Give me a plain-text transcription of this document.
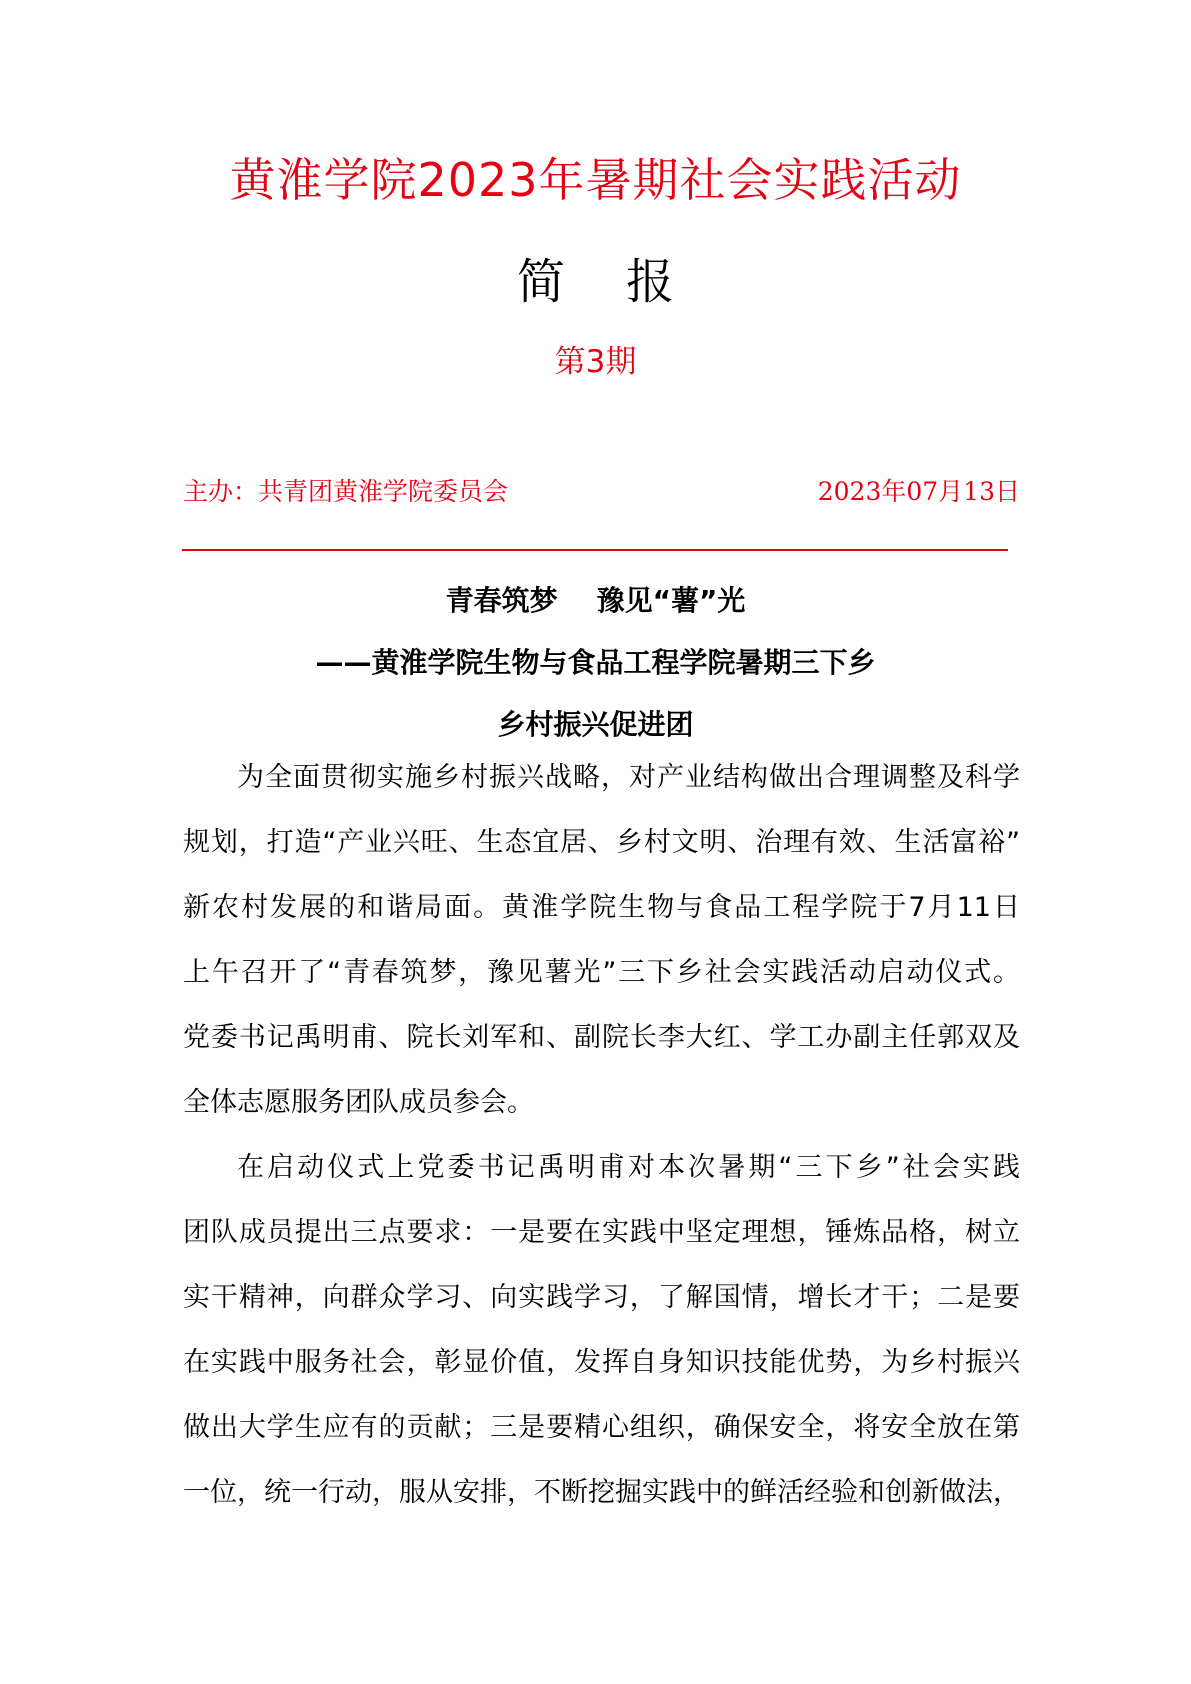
黄淮学院2023年暑期社会实践活动
简    报
第3期
主办：共青团黄淮学院委员会	2023年07月13日
青春筑梦    豫见“薯”光
——黄淮学院生物与食品工程学院暑期三下乡
乡村振兴促进团
为全面贯彻实施乡村振兴战略，对产业结构做出合理调整及科学
规划，打造“产业兴旺、生态宜居、乡村文明、治理有效、生活富裕”
新农村发展的和谐局面。黄淮学院生物与食品工程学院于7月11日
上午召开了“青春筑梦，豫见薯光”三下乡社会实践活动启动仪式。
党委书记禹明甫、院长刘军和、副院长李大红、学工办副主任郭双及
全体志愿服务团队成员参会。
在启动仪式上党委书记禹明甫对本次暑期“三下乡”社会实践
团队成员提出三点要求：一是要在实践中坚定理想，锤炼品格，树立
实干精神，向群众学习、向实践学习，了解国情，增长才干；二是要
在实践中服务社会，彰显价值，发挥自身知识技能优势，为乡村振兴
做出大学生应有的贡献；三是要精心组织，确保安全，将安全放在第
一位，统一行动，服从安排，不断挖掘实践中的鲜活经验和创新做法，
